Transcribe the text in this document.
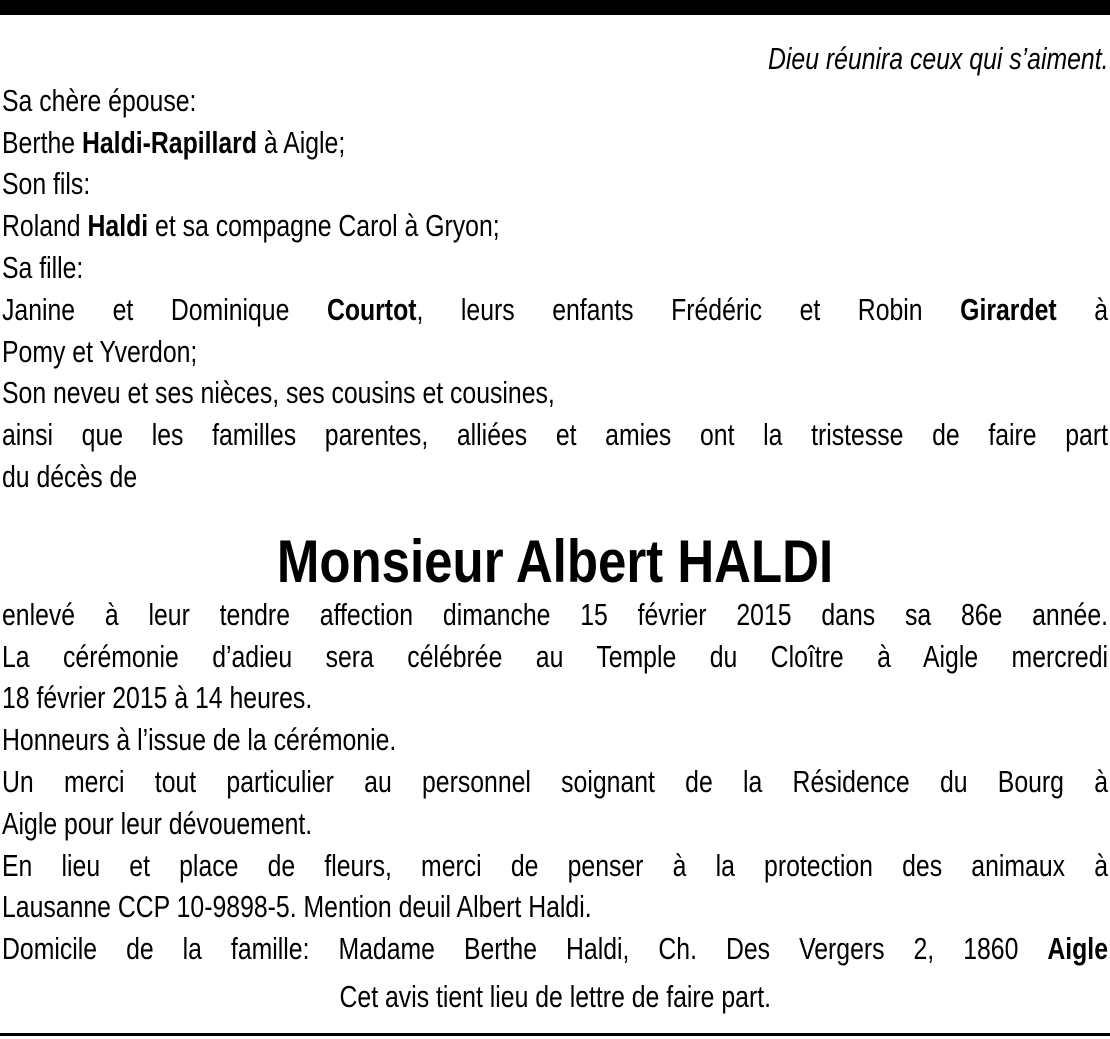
Dieu réunira ceux qui s’aiment.
Sa chère épouse:
Berthe Haldi-Rapillard à Aigle;
Son fils:
Roland Haldi et sa compagne Carol à Gryon;
Sa fille:
Janine et Dominique Courtot, leurs enfants Frédéric et Robin Girardet à
Pomy et Yverdon;
Son neveu et ses nièces, ses cousins et cousines,
ainsi que les familles parentes, alliées et amies ont la tristesse de faire part
du décès de
Monsieur Albert HALDI
enlevé à leur tendre affection dimanche 15 février 2015 dans sa 86e année.
La cérémonie d’adieu sera célébrée au Temple du Cloître à Aigle mercredi
18 février 2015 à 14 heures.
Honneurs à l’issue de la cérémonie.
Un merci tout particulier au personnel soignant de la Résidence du Bourg à
Aigle pour leur dévouement.
En lieu et place de fleurs, merci de penser à la protection des animaux à
Lausanne CCP 10-9898-5. Mention deuil Albert Haldi.
Domicile de la famille: Madame Berthe Haldi, Ch. Des Vergers 2, 1860 Aigle
Cet avis tient lieu de lettre de faire part.
